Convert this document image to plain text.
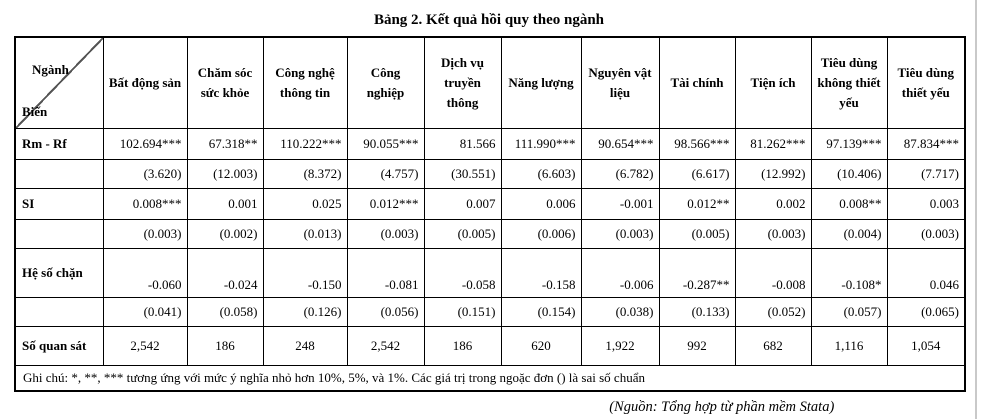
Bảng 2. Kết quả hồi quy theo ngành
Ngành
Biến	Bất động sản	Chăm sóc sức khỏe	Công nghệ thông tin	Công nghiệp	Dịch vụ truyền thông	Năng lượng	Nguyên vật liệu	Tài chính	Tiện ích	Tiêu dùng không thiết yếu	Tiêu dùng thiết yếu
Rm - Rf	102.694***	67.318**	110.222***	90.055***	81.566	111.990***	90.654***	98.566***	81.262***	97.139***	87.834***
	(3.620)	(12.003)	(8.372)	(4.757)	(30.551)	(6.603)	(6.782)	(6.617)	(12.992)	(10.406)	(7.717)
SI	0.008***	0.001	0.025	0.012***	0.007	0.006	-0.001	0.012**	0.002	0.008**	0.003
	(0.003)	(0.002)	(0.013)	(0.003)	(0.005)	(0.006)	(0.003)	(0.005)	(0.003)	(0.004)	(0.003)
Hệ số chặn	-0.060	-0.024	-0.150	-0.081	-0.058	-0.158	-0.006	-0.287**	-0.008	-0.108*	0.046
	(0.041)	(0.058)	(0.126)	(0.056)	(0.151)	(0.154)	(0.038)	(0.133)	(0.052)	(0.057)	(0.065)
Số quan sát	2,542	186	248	2,542	186	620	1,922	992	682	1,116	1,054
Ghi chú: *, **, *** tương ứng với mức ý nghĩa nhỏ hơn 10%, 5%, và 1%. Các giá trị trong ngoặc đơn () là sai số chuẩn											
(Nguồn: Tổng hợp từ phần mềm Stata)
